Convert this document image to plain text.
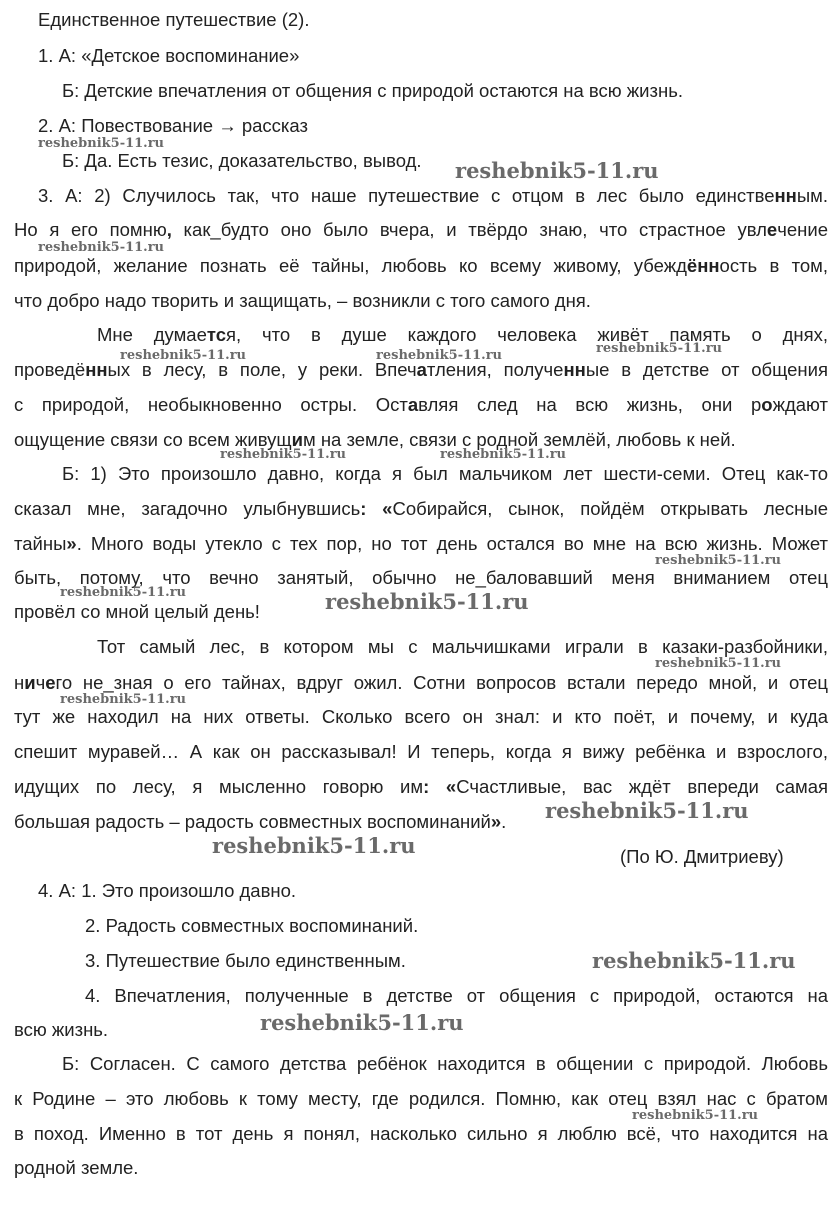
Единственное путешествие (2).
1. А: «Детское воспоминание»
Б: Детские впечатления от общения с природой остаются на всю жизнь.
2. А: Повествование → рассказ
Б: Да. Есть тезис, доказательство, вывод.
3. А: 2) Случилось так, что наше путешествие с отцом в лес было единственным.
Но я его помню, как_будто оно было вчера, и твёрдо знаю, что страстное увлечение
природой, желание познать её тайны, любовь ко всему живому, убеждённость в том,
что добро надо творить и защищать, – возникли с того самого дня.
Мне думается, что в душе каждого человека живёт память о днях,
проведённых в лесу, в поле, у реки. Впечатления, полученные в детстве от общения
с природой, необыкновенно остры. Оставляя след на всю жизнь, они рождают
ощущение связи со всем живущим на земле, связи с родной землёй, любовь к ней.
Б: 1) Это произошло давно, когда я был мальчиком лет шести-семи. Отец как-то
сказал мне, загадочно улыбнувшись: «Собирайся, сынок, пойдём открывать лесные
тайны». Много воды утекло с тех пор, но тот день остался во мне на всю жизнь. Может
быть, потому, что вечно занятый, обычно не_баловавший меня вниманием отец
провёл со мной целый день!
Тот самый лес, в котором мы с мальчишками играли в казаки-разбойники,
ничего не_зная о его тайнах, вдруг ожил. Сотни вопросов встали передо мной, и отец
тут же находил на них ответы. Сколько всего он знал: и кто поёт, и почему, и куда
спешит муравей… А как он рассказывал! И теперь, когда я вижу ребёнка и взрослого,
идущих по лесу, я мысленно говорю им: «Счастливые, вас ждёт впереди самая
большая радость – радость совместных воспоминаний».
(По Ю. Дмитриеву)
4. А: 1. Это произошло давно.
2. Радость совместных воспоминаний.
3. Путешествие было единственным.
4. Впечатления, полученные в детстве от общения с природой, остаются на
всю жизнь.
Б: Согласен. С самого детства ребёнок находится в общении с природой. Любовь
к Родине – это любовь к тому месту, где родился. Помню, как отец взял нас с братом
в поход. Именно в тот день я понял, насколько сильно я люблю всё, что находится на
родной земле.
reshebnik5-11.ru
reshebnik5-11.ru
reshebnik5-11.ru
reshebnik5-11.ru
reshebnik5-11.ru	reshebnik5-11.ru
reshebnik5-11.ru	reshebnik5-11.ru
reshebnik5-11.ru
reshebnik5-11.ru	reshebnik5-11.ru
reshebnik5-11.ru
reshebnik5-11.ru
reshebnik5-11.ru
reshebnik5-11.ru
reshebnik5-11.ru
reshebnik5-11.ru
reshebnik5-11.ru
